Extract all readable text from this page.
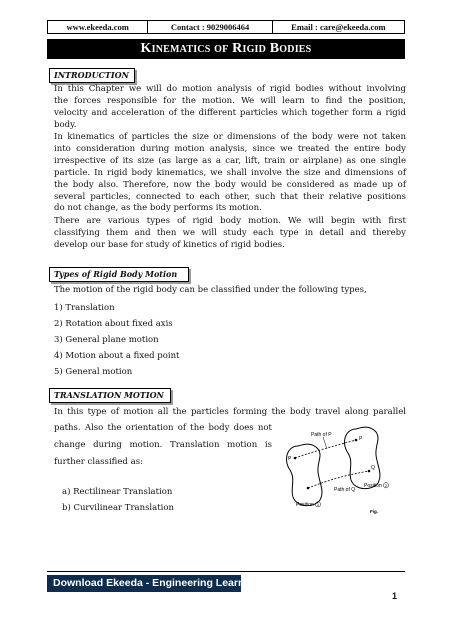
www.ekeeda.com	Contact : 9029006464	Email : care@ekeeda.com
Kinematics of Rigid Bodies
INTRODUCTION
In this Chapter we will do motion analysis of rigid bodies without involving
the forces responsible for the motion. We will learn to find the position,
velocity and acceleration of the different particles which together form a rigid
body.
In kinematics of particles the size or dimensions of the body were not taken
into consideration during motion analysis, since we treated the entire body
irrespective of its size (as large as a car, lift, train or airplane) as one single
particle. In rigid body kinematics, we shall involve the size and dimensions of
the body also. Therefore, now the body would be considered as made up of
several particles, connected to each other, such that their relative positions
do not change, as the body performs its motion.
There are various types of rigid body motion. We will begin with first
classifying them and then we will study each type in detail and thereby
develop our base for study of kinetics of rigid bodies.
Types of Rigid Body Motion
The motion of the rigid body can be classified under the following types,
1) Translation
2) Rotation about fixed axis
3) General plane motion
4) Motion about a fixed point
5) General motion
TRANSLATION MOTION
In this type of motion all the particles forming the body travel along parallel
paths. Also the orientation of the body does not
change during motion. Translation motion is
further classified as:
a) Rectilinear Translation
b) Curvilinear Translation
Path of P
Path of Q
P
P
Q
Position 2
Position 1
Fig.
Download Ekeeda - Engineering Learning App
1
